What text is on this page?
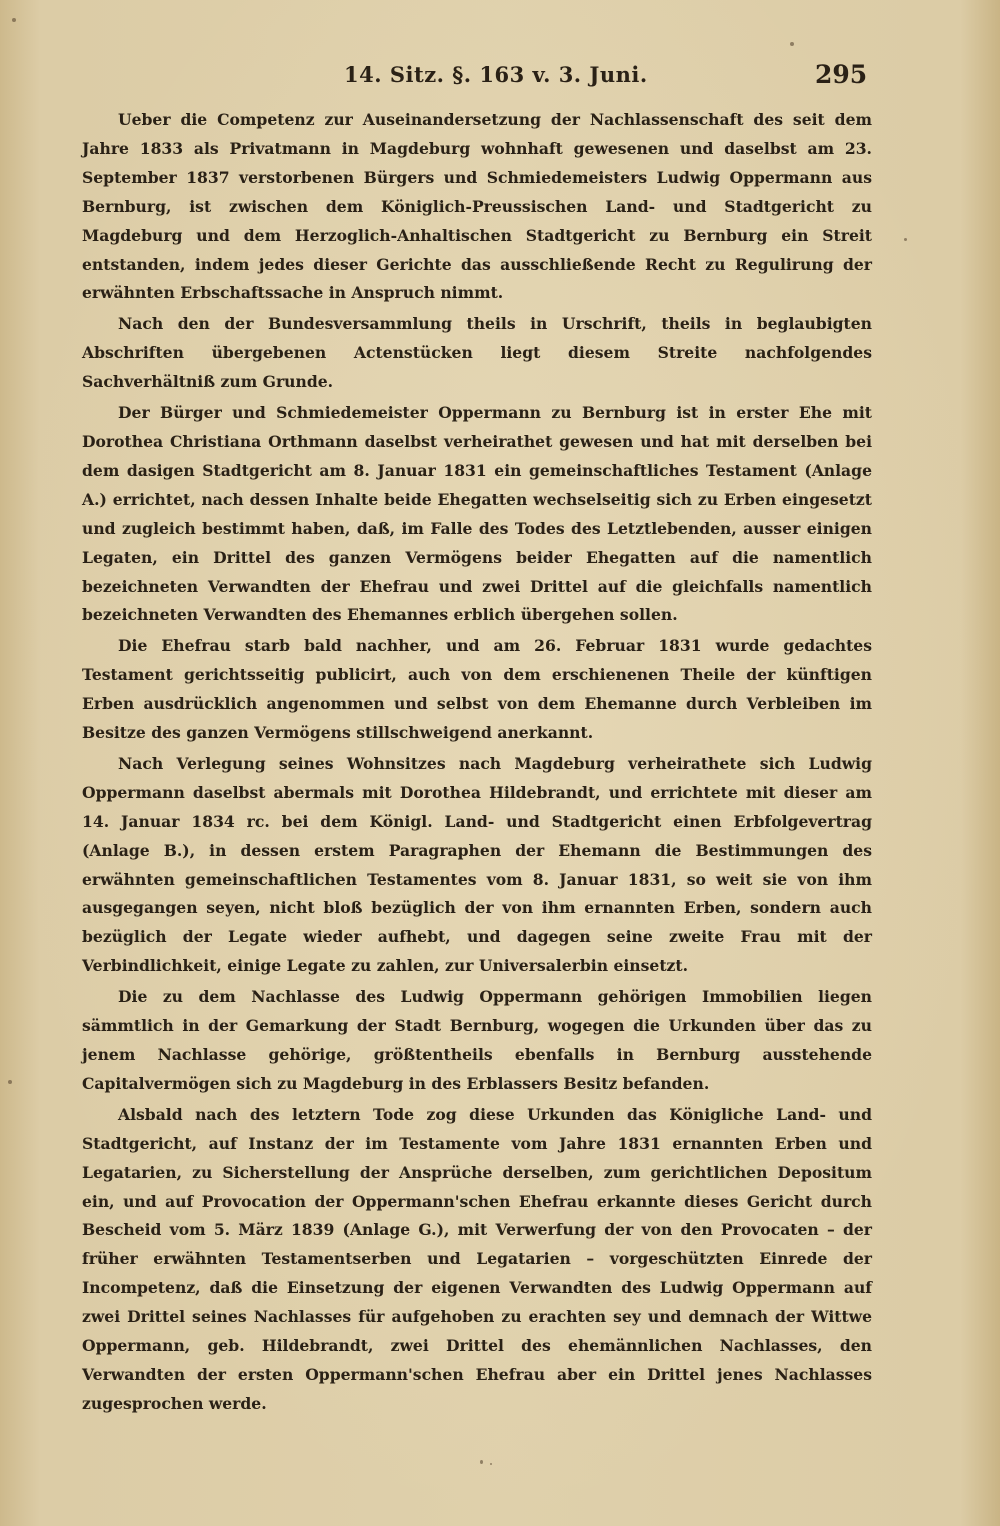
14. Sitz. §. 163 v. 3. Juni.	295

Ueber die Competenz zur Auseinandersetzung der Nachlassenschaft des seit dem Jahre 1833 als Privatmann in Magdeburg wohnhaft gewesenen und daselbst am 23. September 1837 verstorbenen Bürgers und Schmiedemeisters Ludwig Oppermann aus Bernburg, ist zwischen dem Königlich-Preussischen Land- und Stadtgericht zu Magdeburg und dem Herzoglich-Anhaltischen Stadtgericht zu Bernburg ein Streit entstanden, indem jedes dieser Gerichte das ausschließende Recht zu Regulirung der erwähnten Erbschaftssache in Anspruch nimmt.

Nach den der Bundesversammlung theils in Urschrift, theils in beglaubigten Abschriften übergebenen Actenstücken liegt diesem Streite nachfolgendes Sachverhältniß zum Grunde.

Der Bürger und Schmiedemeister Oppermann zu Bernburg ist in erster Ehe mit Dorothea Christiana Orthmann daselbst verheirathet gewesen und hat mit derselben bei dem dasigen Stadtgericht am 8. Januar 1831 ein gemeinschaftliches Testament (Anlage A.) errichtet, nach dessen Inhalte beide Ehegatten wechselseitig sich zu Erben eingesetzt und zugleich bestimmt haben, daß, im Falle des Todes des Letztlebenden, ausser einigen Legaten, ein Drittel des ganzen Vermögens beider Ehegatten auf die namentlich bezeichneten Verwandten der Ehefrau und zwei Drittel auf die gleichfalls namentlich bezeichneten Verwandten des Ehemannes erblich übergehen sollen.

Die Ehefrau starb bald nachher, und am 26. Februar 1831 wurde gedachtes Testament gerichtsseitig publicirt, auch von dem erschienenen Theile der künftigen Erben ausdrücklich angenommen und selbst von dem Ehemanne durch Verbleiben im Besitze des ganzen Vermögens stillschweigend anerkannt.

Nach Verlegung seines Wohnsitzes nach Magdeburg verheirathete sich Ludwig Oppermann daselbst abermals mit Dorothea Hildebrandt, und errichtete mit dieser am 14. Januar 1834 rc. bei dem Königl. Land- und Stadtgericht einen Erbfolgevertrag (Anlage B.), in dessen erstem Paragraphen der Ehemann die Bestimmungen des erwähnten gemeinschaftlichen Testamentes vom 8. Januar 1831, so weit sie von ihm ausgegangen seyen, nicht bloß bezüglich der von ihm ernannten Erben, sondern auch bezüglich der Legate wieder aufhebt, und dagegen seine zweite Frau mit der Verbindlichkeit, einige Legate zu zahlen, zur Universalerbin einsetzt.

Die zu dem Nachlasse des Ludwig Oppermann gehörigen Immobilien liegen sämmtlich in der Gemarkung der Stadt Bernburg, wogegen die Urkunden über das zu jenem Nachlasse gehörige, größtentheils ebenfalls in Bernburg ausstehende Capitalvermögen sich zu Magdeburg in des Erblassers Besitz befanden.

Alsbald nach des letztern Tode zog diese Urkunden das Königliche Land- und Stadtgericht, auf Instanz der im Testamente vom Jahre 1831 ernannten Erben und Legatarien, zu Sicherstellung der Ansprüche derselben, zum gerichtlichen Depositum ein, und auf Provocation der Oppermann'schen Ehefrau erkannte dieses Gericht durch Bescheid vom 5. März 1839 (Anlage G.), mit Verwerfung der von den Provocaten – der früher erwähnten Testamentserben und Legatarien – vorgeschützten Einrede der Incompetenz, daß die Einsetzung der eigenen Verwandten des Ludwig Oppermann auf zwei Drittel seines Nachlasses für aufgehoben zu erachten sey und demnach der Wittwe Oppermann, geb. Hildebrandt, zwei Drittel des ehemännlichen Nachlasses, den Verwandten der ersten Oppermann'schen Ehefrau aber ein Drittel jenes Nachlasses zugesprochen werde.
